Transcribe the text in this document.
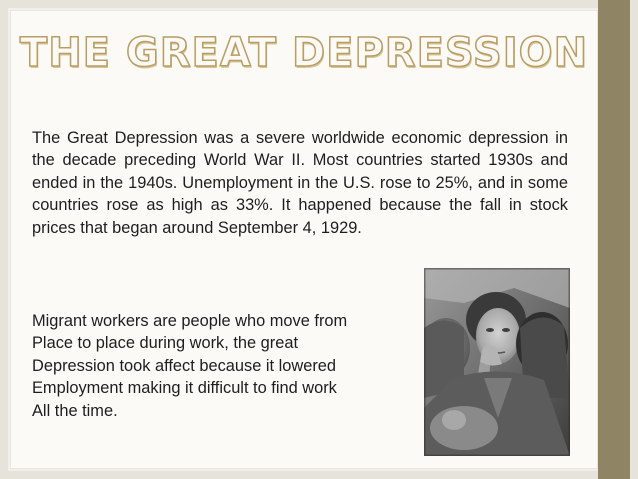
THE GREAT DEPRESSION
The Great Depression was a severe worldwide economic depression in the decade preceding World War II. Most countries started 1930s and ended in the 1940s. Unemployment in the U.S. rose to 25%, and in some countries rose as high as 33%. It happened because the fall in stock prices that began around September 4, 1929.
Migrant workers are people who move from
Place to place during work, the great
Depression took affect because it lowered
Employment making it difficult to find work
All the time.
